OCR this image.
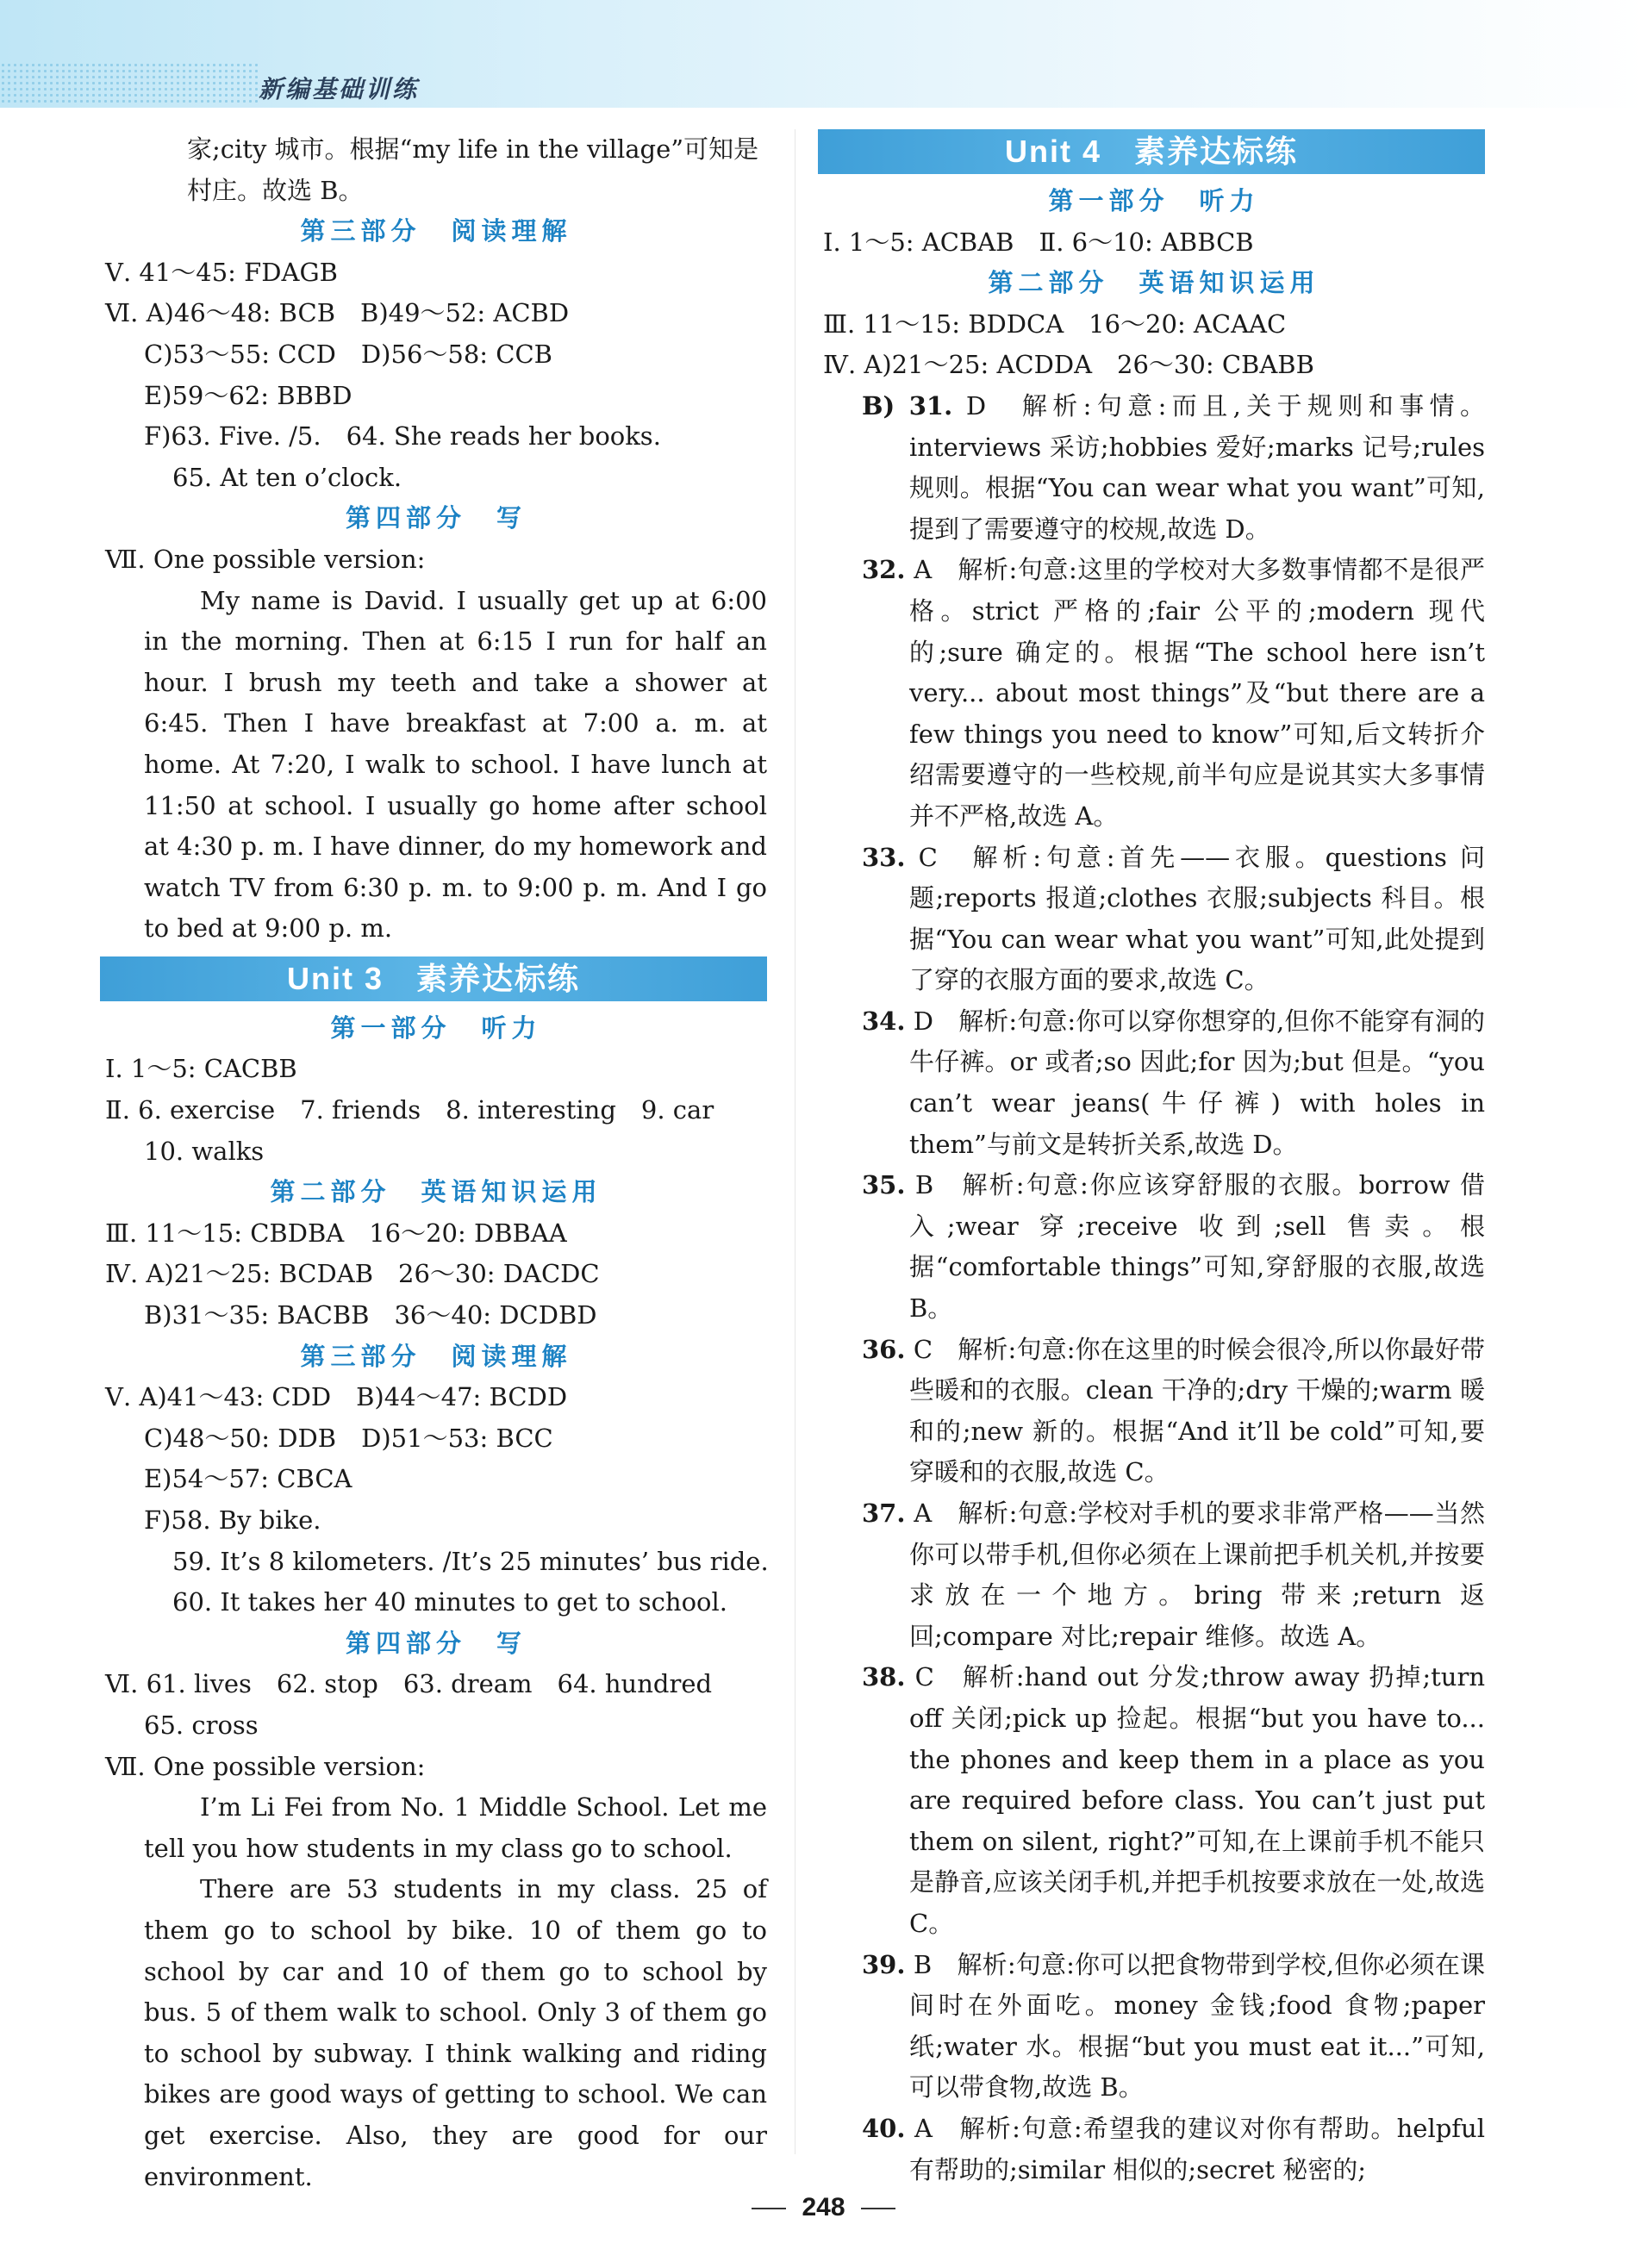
新编基础训练
家;city 城市。根据“my life in the village”可知是
村庄。故选 B。
第三部分　阅读理解
Ⅴ. 41～45: FDAGB
Ⅵ. A)46～48: BCB　B)49～52: ACBD
C)53～55: CCD　D)56～58: CCB
E)59～62: BBBD
F)63. Five. /5.　64. She reads her books.
65. At ten o’clock.
第四部分　写
Ⅶ. One possible version:
My name is David. I usually get up at 6:00 in the morning. Then at 6:15 I run for half an hour. I brush my teeth and take a shower at 6:45. Then I have breakfast at 7:00 a. m. at home. At 7:20, I walk to school. I have lunch at 11:50 at school. I usually go home after school at 4:30 p. m. I have dinner, do my homework and watch TV from 6:30 p. m. to 9:00 p. m. And I go to bed at 9:00 p. m.
Unit 3　素养达标练
第一部分　听力
Ⅰ. 1～5: CACBB
Ⅱ. 6. exercise　7. friends　8. interesting　9. car
10. walks
第二部分　英语知识运用
Ⅲ. 11～15: CBDBA　16～20: DBBAA
Ⅳ. A)21～25: BCDAB　26～30: DACDC
B)31～35: BACBB　36～40: DCDBD
第三部分　阅读理解
Ⅴ. A)41～43: CDD　B)44～47: BCDD
C)48～50: DDB　D)51～53: BCC
E)54～57: CBCA
F)58. By bike.
59. It’s 8 kilometers. /It’s 25 minutes’ bus ride.
60. It takes her 40 minutes to get to school.
第四部分　写
Ⅵ. 61. lives　62. stop　63. dream　64. hundred
65. cross
Ⅶ. One possible version:
I’m Li Fei from No. 1 Middle School. Let me tell you how students in my class go to school.
There are 53 students in my class. 25 of them go to school by bike. 10 of them go to school by car and 10 of them go to school by bus. 5 of them walk to school. Only 3 of them go to school by subway. I think walking and riding bikes are good ways of getting to school. We can get exercise. Also, they are good for our environment.
Unit 4　素养达标练
第一部分　听力
Ⅰ. 1～5: ACBAB　Ⅱ. 6～10: ABBCB
第二部分　英语知识运用
Ⅲ. 11～15: BDDCA　16～20: ACAAC
Ⅳ. A)21～25: ACDDA　26～30: CBABB
B) 31. D　解析:句意:而且,关于规则和事情。interviews 采访;hobbies 爱好;marks 记号;rules 规则。根据“You can wear what you want”可知,提到了需要遵守的校规,故选 D。
32. A　解析:句意:这里的学校对大多数事情都不是很严格。strict 严格的;fair 公平的;modern 现代的;sure 确定的。根据“The school here isn’t very... about most things”及“but there are a few things you need to know”可知,后文转折介绍需要遵守的一些校规,前半句应是说其实大多事情并不严格,故选 A。
33. C　解析:句意:首先——衣服。questions 问题;reports 报道;clothes 衣服;subjects 科目。根据“You can wear what you want”可知,此处提到了穿的衣服方面的要求,故选 C。
34. D　解析:句意:你可以穿你想穿的,但你不能穿有洞的牛仔裤。or 或者;so 因此;for 因为;but 但是。“you can’t wear jeans(牛仔裤) with holes in them”与前文是转折关系,故选 D。
35. B　解析:句意:你应该穿舒服的衣服。borrow 借入;wear 穿;receive 收到;sell 售卖。根据“comfortable things”可知,穿舒服的衣服,故选 B。
36. C　解析:句意:你在这里的时候会很冷,所以你最好带些暖和的衣服。clean 干净的;dry 干燥的;warm 暖和的;new 新的。根据“And it’ll be cold”可知,要穿暖和的衣服,故选 C。
37. A　解析:句意:学校对手机的要求非常严格——当然你可以带手机,但你必须在上课前把手机关机,并按要求放在一个地方。bring 带来;return 返回;compare 对比;repair 维修。故选 A。
38. C　解析:hand out 分发;throw away 扔掉;turn off 关闭;pick up 捡起。根据“but you have to... the phones and keep them in a place as you are required before class. You can’t just put them on silent, right?”可知,在上课前手机不能只是静音,应该关闭手机,并把手机按要求放在一处,故选 C。
39. B　解析:句意:你可以把食物带到学校,但你必须在课间时在外面吃。money 金钱;food 食物;paper 纸;water 水。根据“but you must eat it...”可知,可以带食物,故选 B。
40. A　解析:句意:希望我的建议对你有帮助。helpful 有帮助的;similar 相似的;secret 秘密的;
248
